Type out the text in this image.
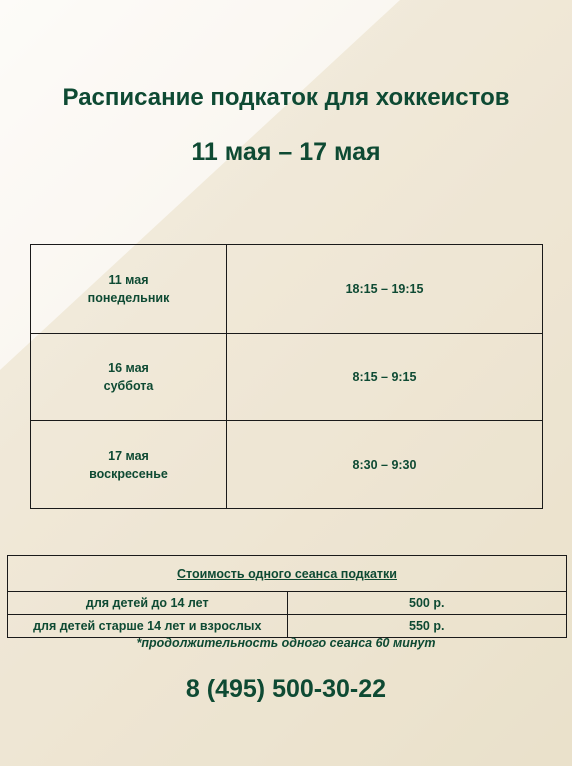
Расписание подкаток для хоккеистов
11 мая – 17 мая
11 мая
понедельник	18:15 – 19:15
16 мая
суббота	8:15 – 9:15
17 мая
воскресенье	8:30 – 9:30
Стоимость одного сеанса подкатки	
для детей до 14 лет	500 р.
для детей старше 14 лет и взрослых	550 р.
*продолжительность одного сеанса 60 минут
8 (495) 500-30-22
